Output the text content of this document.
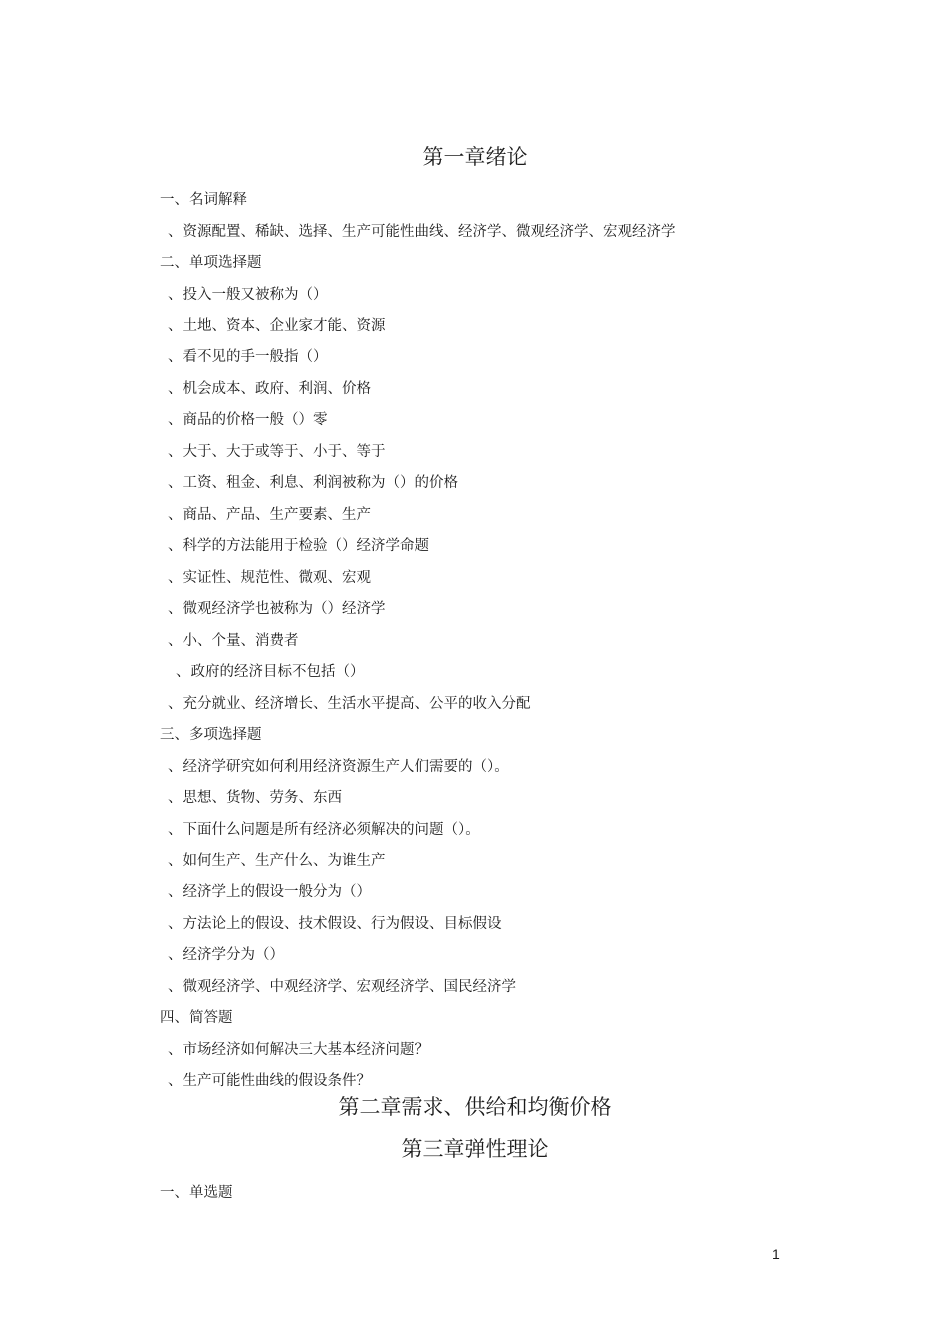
第一章绪论
一、名词解释
、资源配置、稀缺、选择、生产可能性曲线、经济学、微观经济学、宏观经济学
二、单项选择题
、投入一般又被称为（）
、土地、资本、企业家才能、资源
、看不见的手一般指（）
、机会成本、政府、利润、价格
、商品的价格一般（）零
、大于、大于或等于、小于、等于
、工资、租金、利息、利润被称为（）的价格
、商品、产品、生产要素、生产
、科学的方法能用于检验（）经济学命题
、实证性、规范性、微观、宏观
、微观经济学也被称为（）经济学
、小、个量、消费者
、政府的经济目标不包括（）
、充分就业、经济增长、生活水平提高、公平的收入分配
三、多项选择题
、经济学研究如何利用经济资源生产人们需要的（）。
、思想、货物、劳务、东西
、下面什么问题是所有经济必须解决的问题（）。
、如何生产、生产什么、为谁生产
、经济学上的假设一般分为（）
、方法论上的假设、技术假设、行为假设、目标假设
、经济学分为（）
、微观经济学、中观经济学、宏观经济学、国民经济学
四、简答题
、市场经济如何解决三大基本经济问题？
、生产可能性曲线的假设条件？
第二章需求、供给和均衡价格
第三章弹性理论
一、单选题
1
